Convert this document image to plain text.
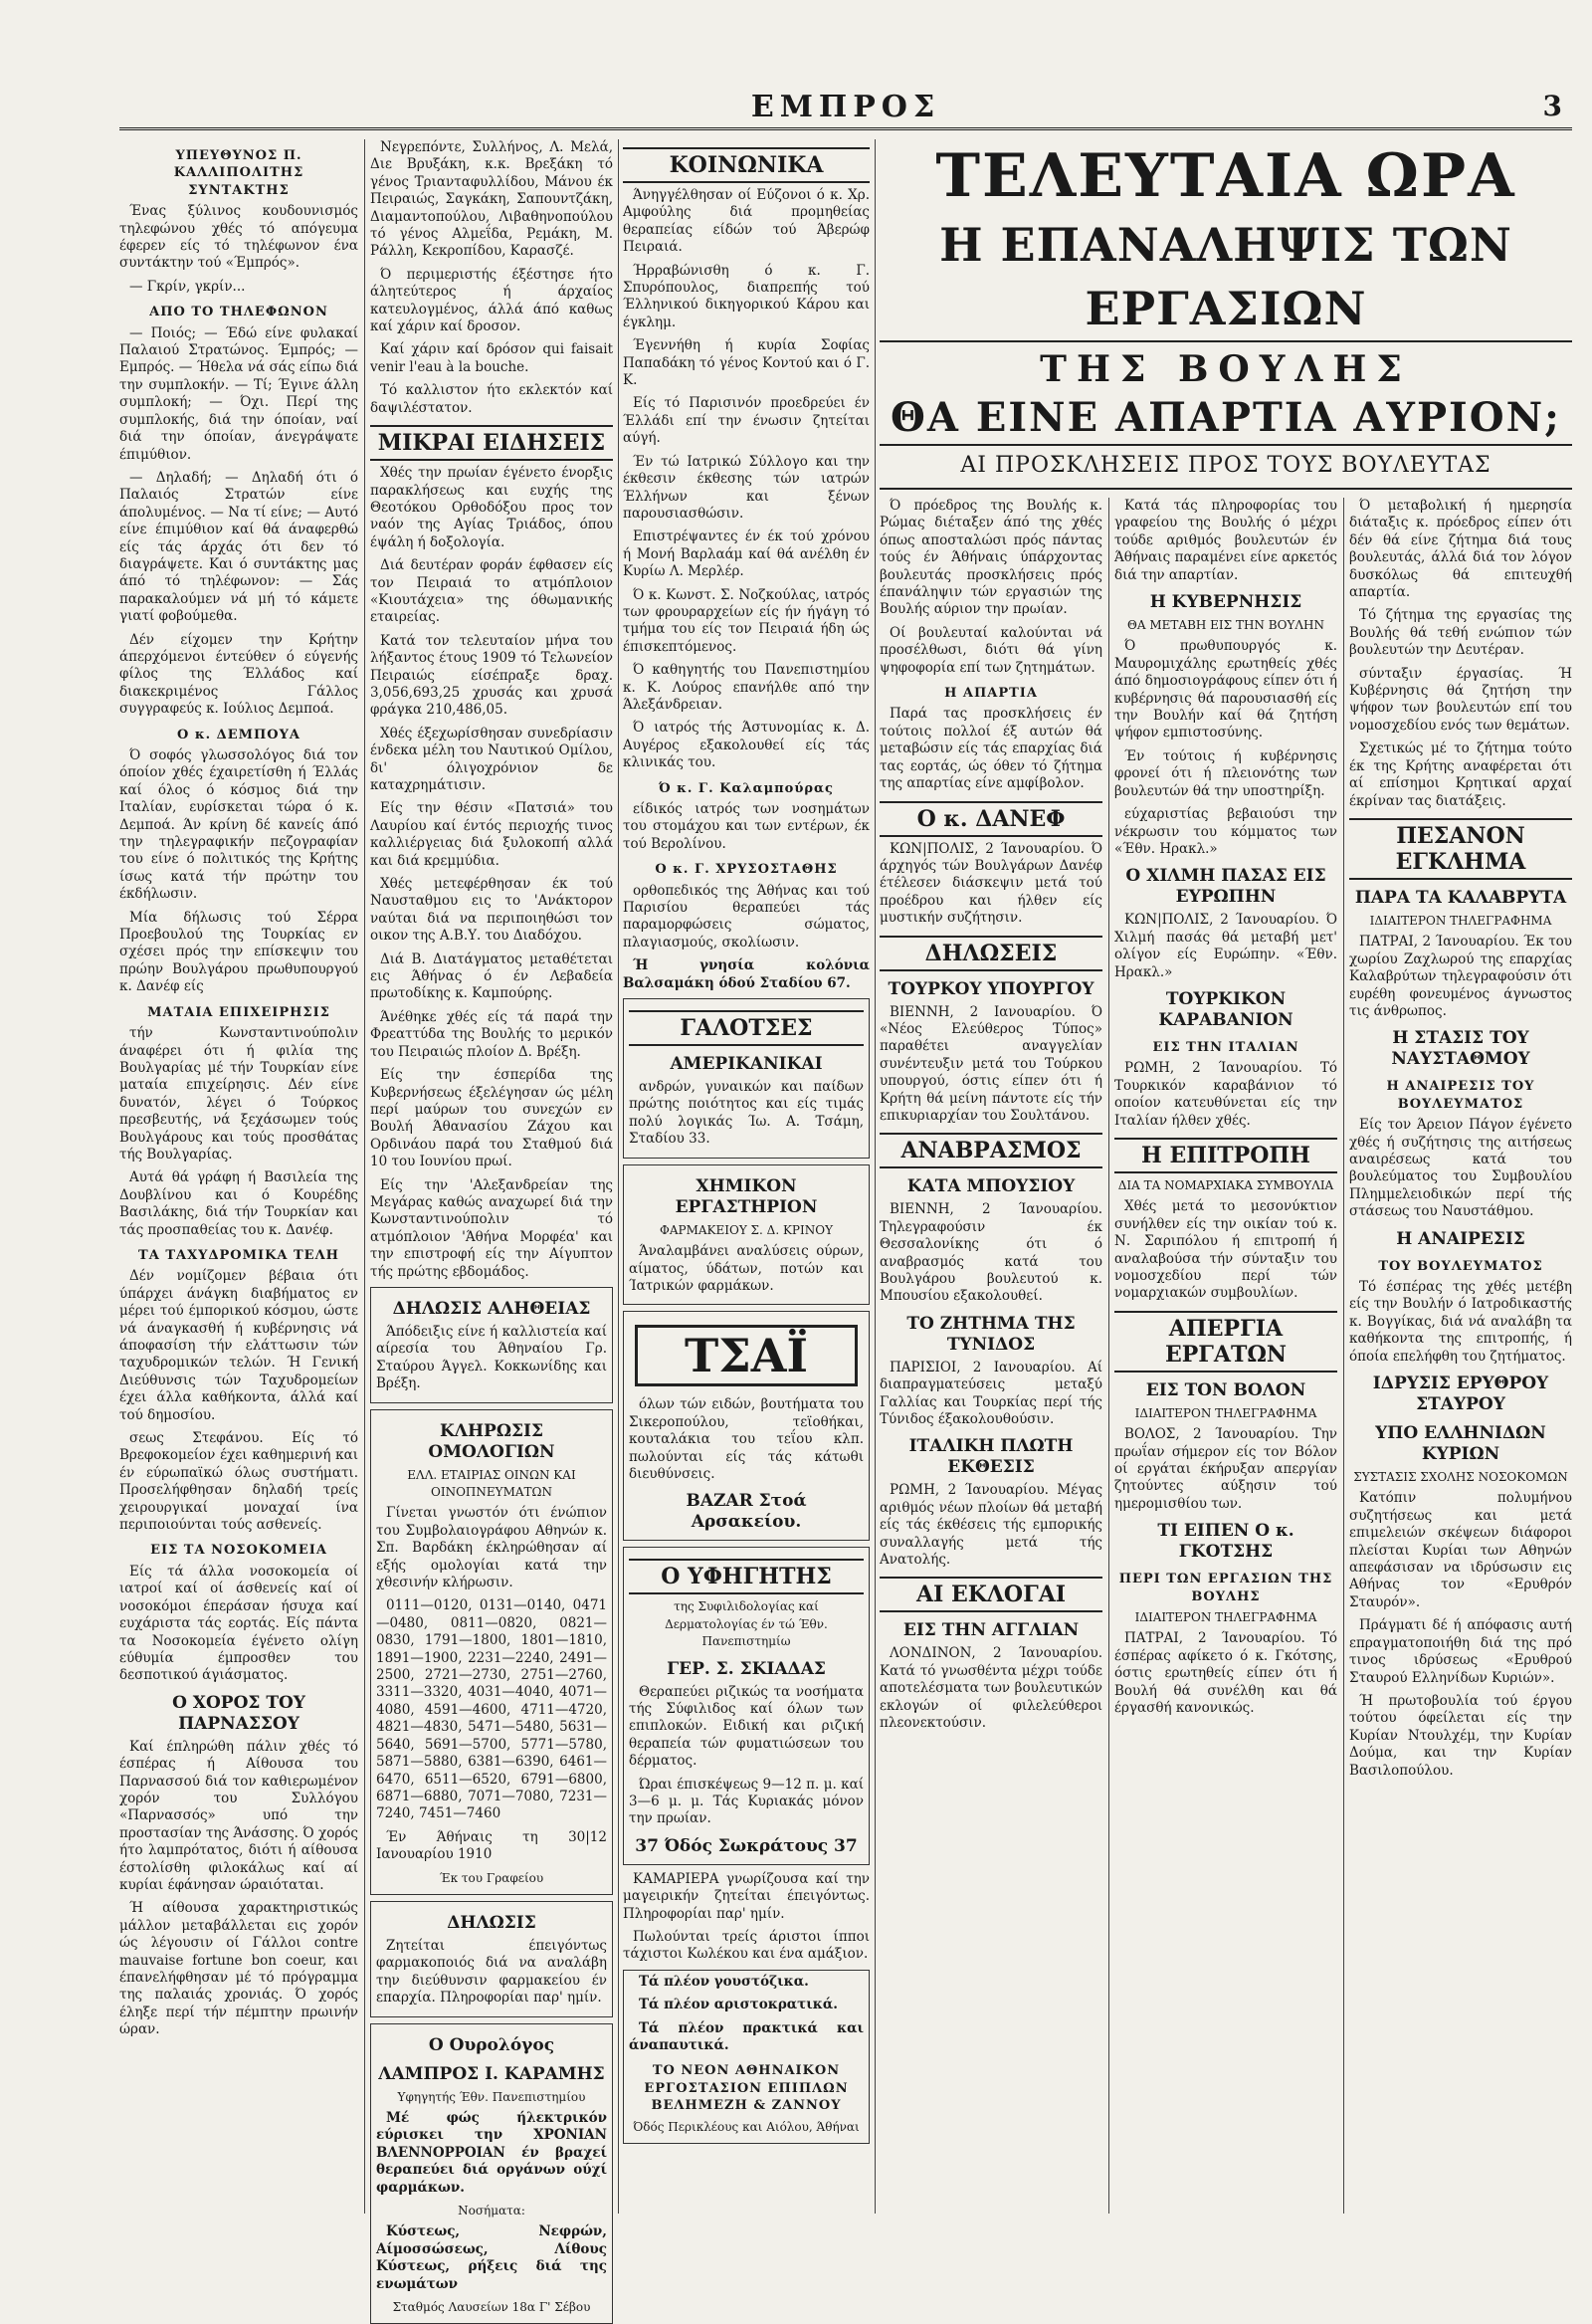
ΕΜΠΡΟΣ	3
ΥΠΕΥΘΥΝΟΣ Π. ΚΑΛΛΙΠΟΛΙΤΗΣ
ΣΥΝΤΑΚΤΗΣ

Ένας ξύλινος κουδουνισμός τηλεφώνου χθές τό απόγευμα έφερεν είς τό τηλέφωνον ένα συντάκτην τού «Έμπρός».

— Γκρίν, γκρίν...

ΑΠΟ ΤΟ ΤΗΛΕΦΩΝΟΝ

— Ποιός; — Έδώ είνε φυλακαί Παλαιού Στρατώνος. Έμπρός; — Εμπρός. — Ήθελα νά σάς είπω διά την συμπλοκήν. — Τί; Έγινε άλλη συμπλοκή; — Όχι. Περί της συμπλοκής, διά την όποίαν, ναί διά την όποίαν, άνεγράψατε έπιμύθιον.

— Δηλαδή; — Δηλαδή ότι ό Παλαιός Στρατών είνε άπολυμένος. — Να τί είνε; — Αυτό είνε έπιμύθιον καί θά άναφερθώ είς τάς άρχάς ότι δεν τό διαγράψετε. Και ό συντάκτης μας άπό τό τηλέφωνον: — Σάς παρακαλούμεν νά μή τό κάμετε γιατί φοβούμεθα.

Δέν είχομεν την Κρήτην άπερχόμενοι έντεύθεν ό εύγενής φίλος της Έλλάδος καί διακεκριμένος Γάλλος συγγραφεύς κ. Ιούλιος Δεμποά.

Ο κ. ΔΕΜΠΟΥΑ

Ό σοφός γλωσσολόγος διά τον όποίον χθές έχαιρετίσθη ή Έλλάς καί όλος ό κόσμος διά την Ιταλίαν, ευρίσκεται τώρα ό κ. Δεμποά. Άν κρίνη δέ κανείς άπό την τηλεγραφικήν πεζογραφίαν του είνε ό πολιτικός της Κρήτης ίσως κατά τήν πρώτην του έκδήλωσιν.

Μία δήλωσις τού Σέρρα Προεβουλού της Τουρκίας εν σχέσει πρός την επίσκεψιν του πρώην Βουλγάρου πρωθυπουργού κ. Δανέφ είς

ΜΑΤΑΙΑ ΕΠΙΧΕΙΡΗΣΙΣ

τήν Κωνσταντινούπολιν άναφέρει ότι ή φιλία της Βουλγαρίας μέ τήν Τουρκίαν είνε ματαία επιχείρησις. Δέν είνε δυνατόν, λέγει ό Τούρκος πρεσβευτής, νά ξεχάσωμεν τούς Βουλγάρους και τούς προσθάτας τής Βουλγαρίας.

Αυτά θά γράφη ή Βασιλεία της Δουβλίνου και ό Κουρέδης Βασιλάκης, διά τήν Τουρκίαν και τάς προσπαθείας του κ. Δανέφ.

ΤΑ ΤΑΧΥΔΡΟΜΙΚΑ ΤΕΛΗ

Δέν νομίζομεν βέβαια ότι ύπάρχει άνάγκη διαβήματος εν μέρει τού έμπορικού κόσμου, ώστε νά άναγκασθή ή κυβέρνησις νά άποφασίση τήν ελάττωσιν τών ταχυδρομικών τελών. Ή Γενική Διεύθυνσις τών Ταχυδρομείων έχει άλλα καθήκοντα, άλλά καί τού δημοσίου.

σεως Στεφάνου. Είς τό Βρεφοκομείον έχει καθημερινή και έν εύρωπαϊκώ όλως συστήματι. Προσελήφθησαν δηλαδή τρείς χειρουργικαί μοναχαί ίνα περιποιούνται τούς ασθενείς.

ΕΙΣ ΤΑ ΝΟΣΟΚΟΜΕΙΑ

Είς τά άλλα νοσοκομεία οί ιατροί καί οί άσθενείς καί οί νοσοκόμοι έπεράσαν ήσυχα καί ευχάριστα τάς εορτάς. Είς πάντα τα Νοσοκομεία έγένετο ολίγη εύθυμία έμπροσθεν του δεσποτικού άγιάσματος.

Ο ΧΟΡΟΣ ΤΟΥ ΠΑΡΝΑΣΣΟΥ

Καί έπληρώθη πάλιν χθές τό έσπέρας ή Αίθουσα του Παρνασσού διά τον καθιερωμένον χορόν του Συλλόγου «Παρνασσός» υπό την προστασίαν της Άνάσσης. Ό χορός ήτο λαμπρότατος, διότι ή αίθουσα έστολίσθη φιλοκάλως καί αί κυρίαι έφάνησαν ώραιόταται.

Ή αίθουσα χαρακτηριστικώς μάλλον μεταβάλλεται εις χορόν ώς λέγουσιν οί Γάλλοι contre mauvaise fortune bon coeur, και έπανελήφθησαν μέ τό πρόγραμμα της παλαιάς χρονιάς. Ό χορός έληξε περί τήν πέμπτην πρωινήν ώραν.

Νεγρεπόντε, Συλλήνος, Λ. Μελά, Διε Βρυξάκη, κ.κ. Βρεξάκη τό γένος Τριανταφυλλίδου, Μάνου έκ Πειραιώς, Σαγκάκη, Σαπουντζάκη, Διαμαντοπούλου, Λιβαθηνοπούλου τό γένος Αλμεΐδα, Ρεμάκη, Μ. Ράλλη, Κεκροπίδου, Καρασζέ.

Ό περιμεριστής έξέστησε ήτο άλητεύτερος ή άρχαίος κατευλογμένος, άλλά άπό καθως καί χάριν καί δροσον.

Καί χάριν καί δρόσον qui faisait venir l'eau à la bouche.

Τό καλλιστον ήτο εκλεκτόν καί δαψιλέστατον.

ΜΙΚΡΑΙ ΕΙΔΗΣΕΙΣ

Χθές την πρωίαν έγένετο ένορξις παρακλήσεως και ευχής της Θεοτόκου Ορθοδόξου προς τον ναόν της Αγίας Τριάδος, όπου έψάλη ή δοξολογία.

Διά δευτέραν φοράν έφθασεν είς τον Πειραιά το ατμόπλοιον «Κιουτάχεια» της όθωμανικής εταιρείας.

Κατά τον τελευταίον μήνα του λήξαντος έτους 1909 τό Τελωνείον Πειραιώς είσέπραξε δραχ. 3,056,693,25 χρυσάς και χρυσά φράγκα 210,486,05.

Χθές έξεχωρίσθησαν συνεδρίασιν ένδεκα μέλη του Ναυτικού Ομίλου, δι' όλιγοχρόνιον δε καταχρημάτισιν.

Είς την θέσιν «Πατσιά» του Λαυρίου καί έντός περιοχής τινος καλλιέργειας διά ξυλοκοπή αλλά και διά κρεμμύδια.

Χθές μετεφέρθησαν έκ τού Ναυσταθμου εις το 'Ανάκτορον ναύται διά να περιποιηθώσι τον οικον της Α.Β.Υ. του Διαδόχου.

Διά Β. Διατάγματος μεταθέτεται εις Άθήνας ό έν Λεβαδεία πρωτοδίκης κ. Καμπούρης.

Άνέθηκε χθές είς τά παρά την Φρεαττύδα της Βουλής το μερικόν του Πειραιώς πλοίον Δ. Βρέξη.

Είς την έσπερίδα της Κυβερνήσεως έξελέγησαν ώς μέλη περί μαύρων του συνεχών εν Βουλή Άθανασίου Ζάχου και Ορδινάου παρά του Σταθμού διά 10 του Ιουνίου πρωί.

Είς την 'Αλεξανδρείαν της Μεγάρας καθώς αναχωρεί διά την Κωνσταντινούπολιν τό ατμόπλοιον 'Άθήνα Μορφέα' και την επιστροφή είς την Αίγυπτον τής πρώτης εβδομάδος.

ΔΗΛΩΣΙΣ ΑΛΗΘΕΙΑΣ

Άπόδειξις είνε ή καλλιστεία καί αίρεσία του Άθηναίου Γρ. Σταύρου Άγγελ. Κοκκωνίδης και Βρέξη.

ΚΛΗΡΩΣΙΣ ΟΜΟΛΟΓΙΩΝ
ΕΛΛ. ΕΤΑΙΡΙΑΣ ΟΙΝΩΝ ΚΑΙ ΟΙΝΟΠΝΕΥΜΑΤΩΝ

Γίνεται γνωστόν ότι ένώπιον του Συμβολαιογράφου Αθηνών κ. Σπ. Βαρδάκη έκληρώθησαν αί εξής ομολογίαι κατά την χθεσινήν κλήρωσιν.

0111—0120, 0131—0140, 0471—0480, 0811—0820, 0821—0830, 1791—1800, 1801—1810, 1891—1900, 2231—2240, 2491—2500, 2721—2730, 2751—2760, 3311—3320, 4031—4040, 4071—4080, 4591—4600, 4711—4720, 4821—4830, 5471—5480, 5631—5640, 5691—5700, 5771—5780, 5871—5880, 6381—6390, 6461—6470, 6511—6520, 6791—6800, 6871—6880, 7071—7080, 7231—7240, 7451—7460

Έν Άθήναις τη 30|12 Ιανουαρίου 1910

Έκ του Γραφείου
ΔΗΛΩΣΙΣ

Ζητείται έπειγόντως φαρμακοποιός διά να αναλάβη την διεύθυνσιν φαρμακείου έν επαρχία. Πληροφορίαι παρ' ημίν.

Ο Ουρολόγος
ΛΑΜΠΡΟΣ Ι. ΚΑΡΑΜΗΣ
Υφηγητής Έθν. Πανεπιστημίου

Μέ φώς ήλεκτρικόν εύρισκει την ΧΡΟΝΙΑΝ ΒΛΕΝΝΟΡΡΟΙΑΝ έν βραχεί θεραπεύει διά οργάνων ούχί φαρμάκων.

Νοσήματα:

Κύστεως, Νεφρών, Αίμοσσώσεως, Λίθους Κύστεως, ρήξεις διά της ενωμάτων

Σταθμός Λαυσείων 18α Γ' Σέβου
ΚΟΙΝΩΝΙΚΑ

Άνηγγέλθησαν οί Εύζονοι ό κ. Χρ. Αμφούλης διά προμηθείας θεραπείας είδών τού Άβερώφ Πειραιά.

Ήρραβώνισθη ό κ. Γ. Σπυρόπουλος, διαπρεπής τού Έλληνικού δικηγορικού Κάρου και έγκλημ.

Έγεννήθη ή κυρία Σοφίας Παπαδάκη τό γένος Κοντού και ό Γ. Κ.

Είς τό Παρισινόν προεδρεύει έν Έλλάδι επί την ένωσιν ζητείται αύγή.

Έν τώ Ιατρικώ Σύλλογο και την έκθεσιν έκθεσης τών ιατρών Έλλήνων και ξένων παρουσιασθώσιν.

Επιστρέψαντες έν έκ τού χρόνου ή Μονή Βαρλαάμ καί θά ανέλθη έν Κυρίω Λ. Μερλέρ.

Ό κ. Κωνστ. Σ. Νοζκούλας, ιατρός των φρουραρχείων είς ήν ήγάγη τό τμήμα του είς τον Πειραιά ήδη ώς έπισκεπτόμενος.

Ό καθηγητής του Πανεπιστημίου κ. Κ. Λούρος επανήλθε από την Άλεξάνδρειαν.

Ό ιατρός τής Άστυνομίας κ. Δ. Αυγέρος εξακολουθεί είς τάς κλινικάς του.

Ό κ. Γ. Καλαμπούρας

είδικός ιατρός των νοσημάτων του στομάχου και των εντέρων, έκ τού Βερολίνου.

Ο κ. Γ. ΧΡΥΣΟΣΤΑΘΗΣ

ορθοπεδικός της Άθήνας και τού Παρισίου θεραπεύει τάς παραμορφώσεις σώματος, πλαγιασμούς, σκολίωσιν.

Ή γνησία κολόνια Βαλσαμάκη όδού Σταδίου 67.

ΓΑΛΟΤΣΕΣ
ΑΜΕΡΙΚΑΝΙΚΑΙ

ανδρών, γυναικών και παίδων πρώτης ποιότητος και είς τιμάς πολύ λογικάς Ίω. Α. Τσάμη, Σταδίου 33.

ΧΗΜΙΚΟΝ ΕΡΓΑΣΤΗΡΙΟΝ
ΦΑΡΜΑΚΕΙΟΥ Σ. Δ. ΚΡΙΝΟΥ

Άναλαμβάνει αναλύσεις ούρων, αίματος, ύδάτων, ποτών και Ίατρικών φαρμάκων.

ΤΣΑΪ

όλων τών ειδών, βουτήματα του Σικεροπούλου, τεϊοθήκαι, κουταλάκια του τεΐου κλπ. πωλούνται είς τάς κάτωθι διευθύνσεις.

BAZAR Στοά Αρσακείου.
Ο ΥΦΗΓΗΤΗΣ
της Συφιλιδολογίας καί Δερματολογίας έν τώ Έθν. Πανεπιστημίω
ΓΕΡ. Σ. ΣΚΙΑΔΑΣ

Θεραπεύει ριζικώς τα νοσήματα τής Σύφιλιδος καί όλων των επιπλοκών. Ειδική και ριζική θεραπεία τών φυματιώσεων του δέρματος.

Ώραι έπισκέψεως 9—12 π. μ. καί 3—6 μ. μ. Τάς Κυριακάς μόνον την πρωίαν.

37 Όδός Σωκράτους 37

ΚΑΜΑΡΙΕΡΑ γνωρίζουσα καί την μαγειρικήν ζητείται έπειγόντως. Πληροφορίαι παρ' ημίν.

Πωλούνται τρείς άριστοι ίπποι τάχιστοι Κωλέκου και ένα αμάξιον.

Τά πλέον γουστόζικα.

Τά πλέον αριστοκρατικά.

Τά πλέον πρακτικά και άναπαυτικά.

ΤΟ ΝΕΟΝ ΑΘΗΝΑΙΚΟΝ ΕΡΓΟΣΤΑΣΙΟΝ ΕΠΙΠΛΩΝ ΒΕΛΗΜΕΖΗ & ΖΑΝΝΟΥ
Όδός Περικλέους και Αιόλου, Άθήναι
ΤΕΛΕΥΤΑΙΑ ΩΡΑ
Η ΕΠΑΝΑΛΗΨΙΣ ΤΩΝ ΕΡΓΑΣΙΩΝ
ΤΗΣ ΒΟΥΛΗΣ
ΘΑ ΕΙΝΕ ΑΠΑΡΤΙΑ ΑΥΡΙΟΝ;
ΑΙ ΠΡΟΣΚΛΗΣΕΙΣ ΠΡΟΣ ΤΟΥΣ ΒΟΥΛΕΥΤΑΣ

Ό πρόεδρος της Βουλής κ. Ρώμας διέταξεν άπό της χθές όπως αποσταλώσι πρός πάντας τούς έν Άθήναις ύπάρχοντας βουλευτάς προσκλήσεις πρός έπανάληψιν τών εργασιών της Βουλής αύριον την πρωίαν.

Οί βουλευταί καλούνται νά προσέλθωσι, διότι θά γίνη ψηφοφορία επί των ζητημάτων.

Η ΑΠΑΡΤΙΑ

Παρά τας προσκλήσεις έν τούτοις πολλοί έξ αυτών θά μεταβώσιν είς τάς επαρχίας διά τας εορτάς, ώς όθεν τό ζήτημα της απαρτίας είνε αμφίβολον.

Ο κ. ΔΑΝΕΦ

ΚΩΝ|ΠΟΛΙΣ, 2 Ίανουαρίου. Ό άρχηγός τών Βουλγάρων Δανέφ έτέλεσεν διάσκεψιν μετά τού προέδρου και ήλθεν είς μυστικήν συζήτησιν.

ΔΗΛΩΣΕΙΣ
ΤΟΥΡΚΟΥ ΥΠΟΥΡΓΟΥ

ΒΙΕΝΝΗ, 2 Ιανουαρίου. Ό «Νέος Ελεύθερος Τύπος» παραθέτει αναγγελίαν συνέντευξιν μετά του Τούρκου υπουργού, όστις είπεν ότι ή Κρήτη θά μείνη πάντοτε είς τήν επικυριαρχίαν του Σουλτάνου.

ΑΝΑΒΡΑΣΜΟΣ
ΚΑΤΑ ΜΠΟΥΣΙΟΥ

ΒΙΕΝΝΗ, 2 Ίανουαρίου. Τηλεγραφούσιν έκ Θεσσαλονίκης ότι ό αναβρασμός κατά του Βουλγάρου βουλευτού κ. Μπουσίου εξακολουθεί.

ΤΟ ΖΗΤΗΜΑ ΤΗΣ ΤΥΝΙΔΟΣ

ΠΑΡΙΣΙΟΙ, 2 Ιανουαρίου. Αί διαπραγματεύσεις μεταξύ Γαλλίας και Τουρκίας περί τής Τύνιδος έξακολουθούσιν.

ΙΤΑΛΙΚΗ ΠΛΩΤΗ ΕΚΘΕΣΙΣ

ΡΩΜΗ, 2 Ίανουαρίου. Μέγας αριθμός νέων πλοίων θά μεταβή είς τάς έκθέσεις τής εμπορικής συναλλαγής μετά τής Ανατολής.

ΑΙ ΕΚΛΟΓΑΙ
ΕΙΣ ΤΗΝ ΑΓΓΛΙΑΝ

ΛΟΝΔΙΝΟΝ, 2 Ίανουαρίου. Κατά τό γνωσθέντα μέχρι τούδε αποτελέσματα των βουλευτικών εκλογών οί φιλελεύθεροι πλεονεκτούσιν.

Κατά τάς πληροφορίας του γραφείου της Βουλής ό μέχρι τούδε αριθμός βουλευτών έν Άθήναις παραμένει είνε αρκετός διά την απαρτίαν.

Η ΚΥΒΕΡΝΗΣΙΣ
ΘΑ ΜΕΤΑΒΗ ΕΙΣ ΤΗΝ ΒΟΥΛΗΝ

Ό πρωθυπουργός κ. Μαυρομιχάλης ερωτηθείς χθές άπό δημοσιογράφους είπεν ότι ή κυβέρνησις θά παρουσιασθή είς την Βουλήν καί θά ζητήση ψήφον εμπιστοσύνης.

Έν τούτοις ή κυβέρνησις φρονεί ότι ή πλειονότης των βουλευτών θά την υποστηρίξη.

εύχαριστίας βεβαιούσι την νέκρωσιν του κόμματος των «Έθν. Ηρακλ.»

Ο ΧΙΛΜΗ ΠΑΣΑΣ ΕΙΣ ΕΥΡΩΠΗΝ

ΚΩΝ|ΠΟΛΙΣ, 2 Ίανουαρίου. Ό Χιλμή πασάς θά μεταβή μετ' ολίγον είς Ευρώπην. «Έθν. Ηρακλ.»

ΤΟΥΡΚΙΚΟΝ ΚΑΡΑΒΑΝΙΟΝ
ΕΙΣ ΤΗΝ ΙΤΑΛΙΑΝ

ΡΩΜΗ, 2 Ίανουαρίου. Τό Τουρκικόν καραβάνιον τό οποίον κατευθύνεται είς την Ιταλίαν ήλθεν χθές.

Η ΕΠΙΤΡΟΠΗ
ΔΙΑ ΤΑ ΝΟΜΑΡΧΙΑΚΑ ΣΥΜΒΟΥΛΙΑ

Χθές μετά το μεσονύκτιον συνήλθεν είς την οικίαν τού κ. Ν. Σαριπόλου ή επιτροπή ή αναλαβούσα τήν σύνταξιν του νομοσχεδίου περί τών νομαρχιακών συμβουλίων.

ΑΠΕΡΓΙΑ ΕΡΓΑΤΩΝ
ΕΙΣ ΤΟΝ ΒΟΛΟΝ
ΙΔΙΑΙΤΕΡΟΝ ΤΗΛΕΓΡΑΦΗΜΑ

ΒΟΛΟΣ, 2 Ίανουαρίου. Την πρωΐαν σήμερον είς τον Βόλον οί εργάται έκήρυξαν απεργίαν ζητούντες αύξησιν τού ημερομισθίου των.

ΤΙ ΕΙΠΕΝ Ο κ. ΓΚΟΤΣΗΣ
ΠΕΡΙ ΤΩΝ ΕΡΓΑΣΙΩΝ ΤΗΣ ΒΟΥΛΗΣ
ΙΔΙΑΙΤΕΡΟΝ ΤΗΛΕΓΡΑΦΗΜΑ

ΠΑΤΡΑΙ, 2 Ίανουαρίου. Τό έσπέρας αφίκετο ό κ. Γκότσης, όστις ερωτηθείς είπεν ότι ή Βουλή θά συνέλθη και θά έργασθή κανονικώς.

Ό μεταβολική ή ημερησία διάταξις κ. πρόεδρος είπεν ότι δέν θά είνε ζήτημα διά τους βουλευτάς, άλλά διά τον λόγον δυσκόλως θά επιτευχθή απαρτία.

Τό ζήτημα της εργασίας της Βουλής θά τεθή ενώπιον τών βουλευτών την Δευτέραν.

σύνταξιν έργασίας. Ή Κυβέρνησις θά ζητήση την ψήφον των βουλευτών επί του νομοσχεδίου ενός των θεμάτων.

Σχετικώς μέ το ζήτημα τούτο έκ της Κρήτης αναφέρεται ότι αί επίσημοι Κρητικαί αρχαί έκρίναν τας διατάξεις.

ΠΕΣΑΝΟΝ ΕΓΚΛΗΜΑ
ΠΑΡΑ ΤΑ ΚΑΛΑΒΡΥΤΑ
ΙΔΙΑΙΤΕΡΟΝ ΤΗΛΕΓΡΑΦΗΜΑ

ΠΑΤΡΑΙ, 2 Ίανουαρίου. Έκ του χωρίου Ζαχλωρού της επαρχίας Καλαβρύτων τηλεγραφούσιν ότι ευρέθη φονευμένος άγνωστος τις άνθρωπος.

Η ΣΤΑΣΙΣ ΤΟΥ ΝΑΥΣΤΑΘΜΟΥ
Η ΑΝΑΙΡΕΣΙΣ ΤΟΥ ΒΟΥΛΕΥΜΑΤΟΣ

Είς τον Άρειον Πάγον έγένετο χθές ή συζήτησις της αιτήσεως αναιρέσεως κατά του βουλεύματος του Συμβουλίου Πλημμελειοδικών περί τής στάσεως του Ναυστάθμου.

Η ΑΝΑΙΡΕΣΙΣ
ΤΟΥ ΒΟΥΛΕΥΜΑΤΟΣ

Τό έσπέρας της χθές μετέβη είς την Βουλήν ό Ιατροδικαστής κ. Βογγίκας, διά νά αναλάβη τα καθήκοντα της επιτροπής, ή όποία επελήφθη του ζητήματος.

ΙΔΡΥΣΙΣ ΕΡΥΘΡΟΥ ΣΤΑΥΡΟΥ
ΥΠΟ ΕΛΛΗΝΙΔΩΝ ΚΥΡΙΩΝ
ΣΥΣΤΑΣΙΣ ΣΧΟΛΗΣ ΝΟΣΟΚΟΜΩΝ

Κατόπιν πολυμήνου συζητήσεως και μετά επιμελειών σκέψεων διάφοροι πλείσται Κυρίαι των Αθηνών απεφάσισαν να ιδρύσωσιν εις Αθήνας τον «Ερυθρόν Σταυρόν».

Πράγματι δέ ή απόφασις αυτή επραγματοποιήθη διά της πρό τινος ιδρύσεως «Ερυθρού Σταυρού Ελληνίδων Κυριών».

Ή πρωτοβουλία τού έργου τούτου όφείλεται είς την Κυρίαν Ντουλχέμ, την Κυρίαν Δούμα, και την Κυρίαν Βασιλοπούλου.
